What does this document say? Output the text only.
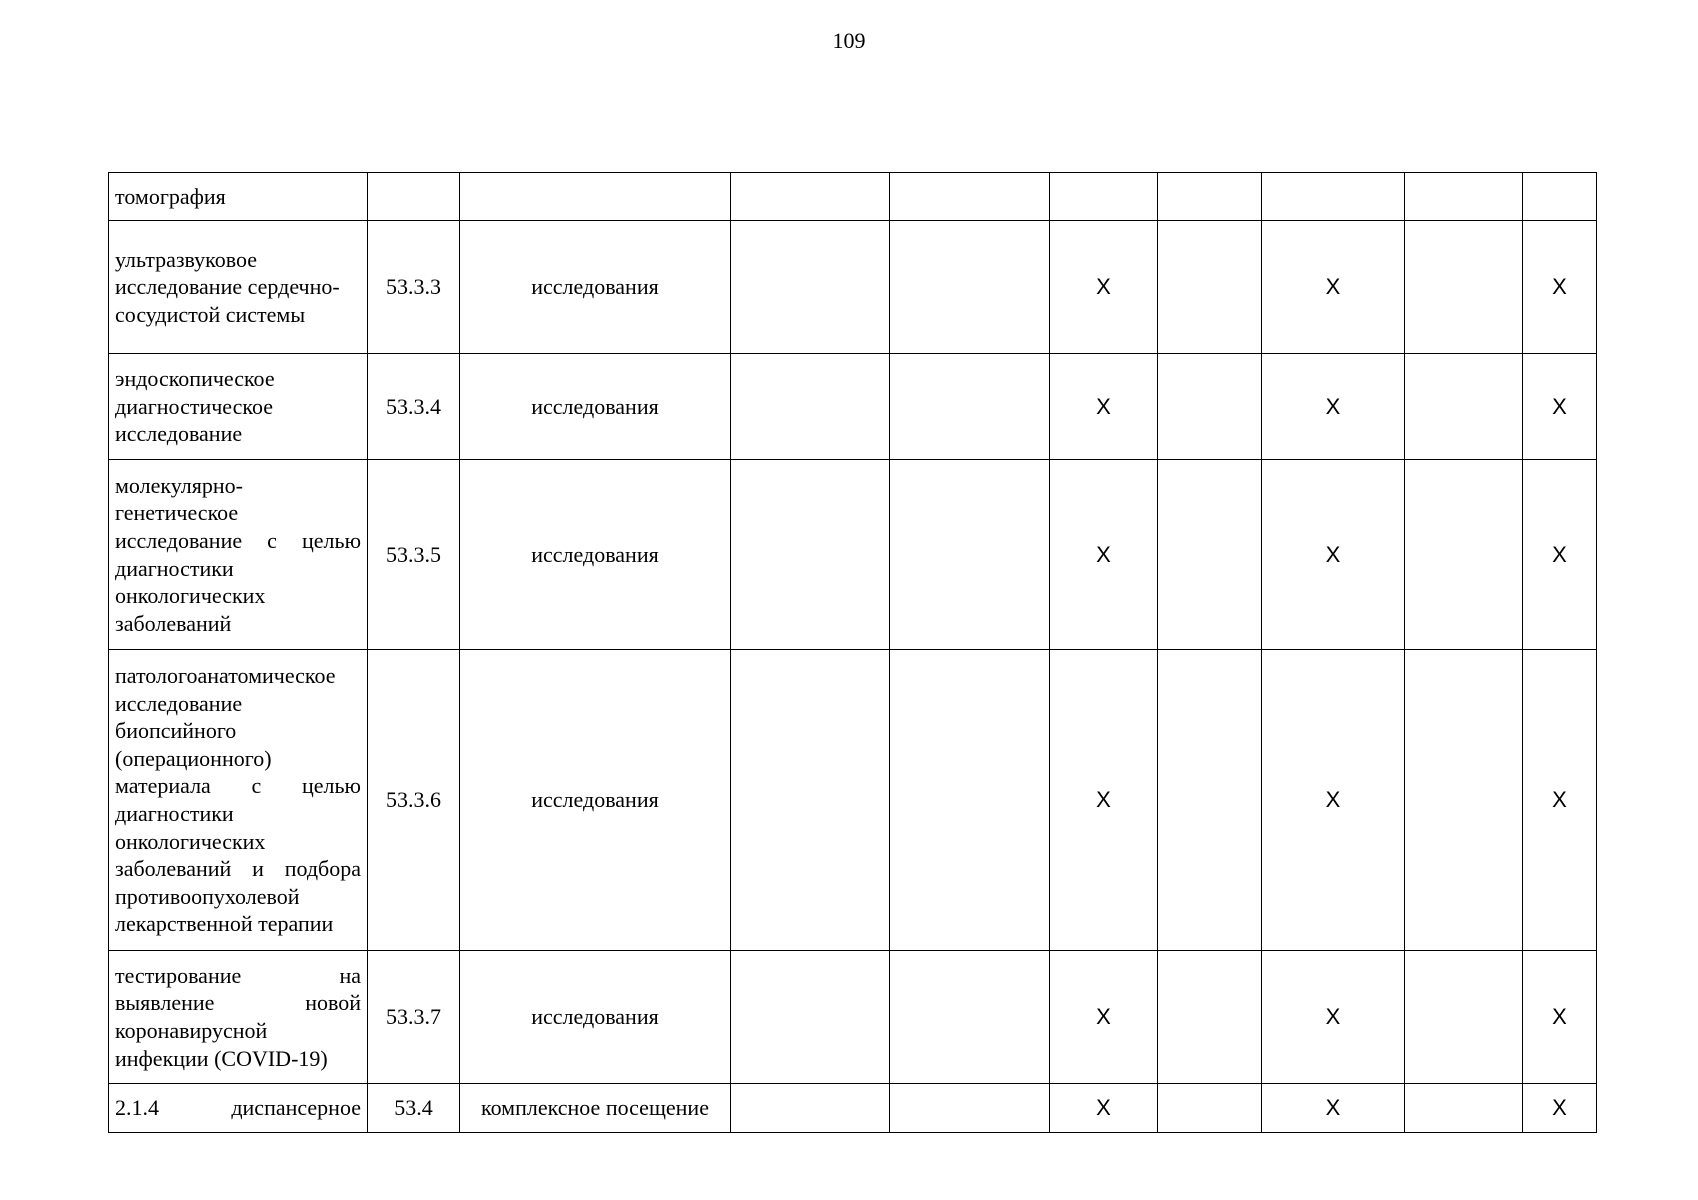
109
томография									
ультразвуковое исследование сердечно-сосудистой системы	53.3.3	исследования			X		X		X
эндоскопическое диагностическое исследование	53.3.4	исследования			X		X		X
молекулярно-генетическое исследование с целью диагностики онкологических заболеваний	53.3.5	исследования			X		X		X
патологоанатомическое исследование биопсийного (операционного) материала с целью диагностики онкологических заболеваний и подбора противоопухолевой лекарственной терапии	53.3.6	исследования			X		X		X
тестирование на выявление новой коронавирусной инфекции (COVID-19)	53.3.7	исследования			X		X		X

2.1.4 диспансерное	53.4	комплексное посещение			X		X		X
